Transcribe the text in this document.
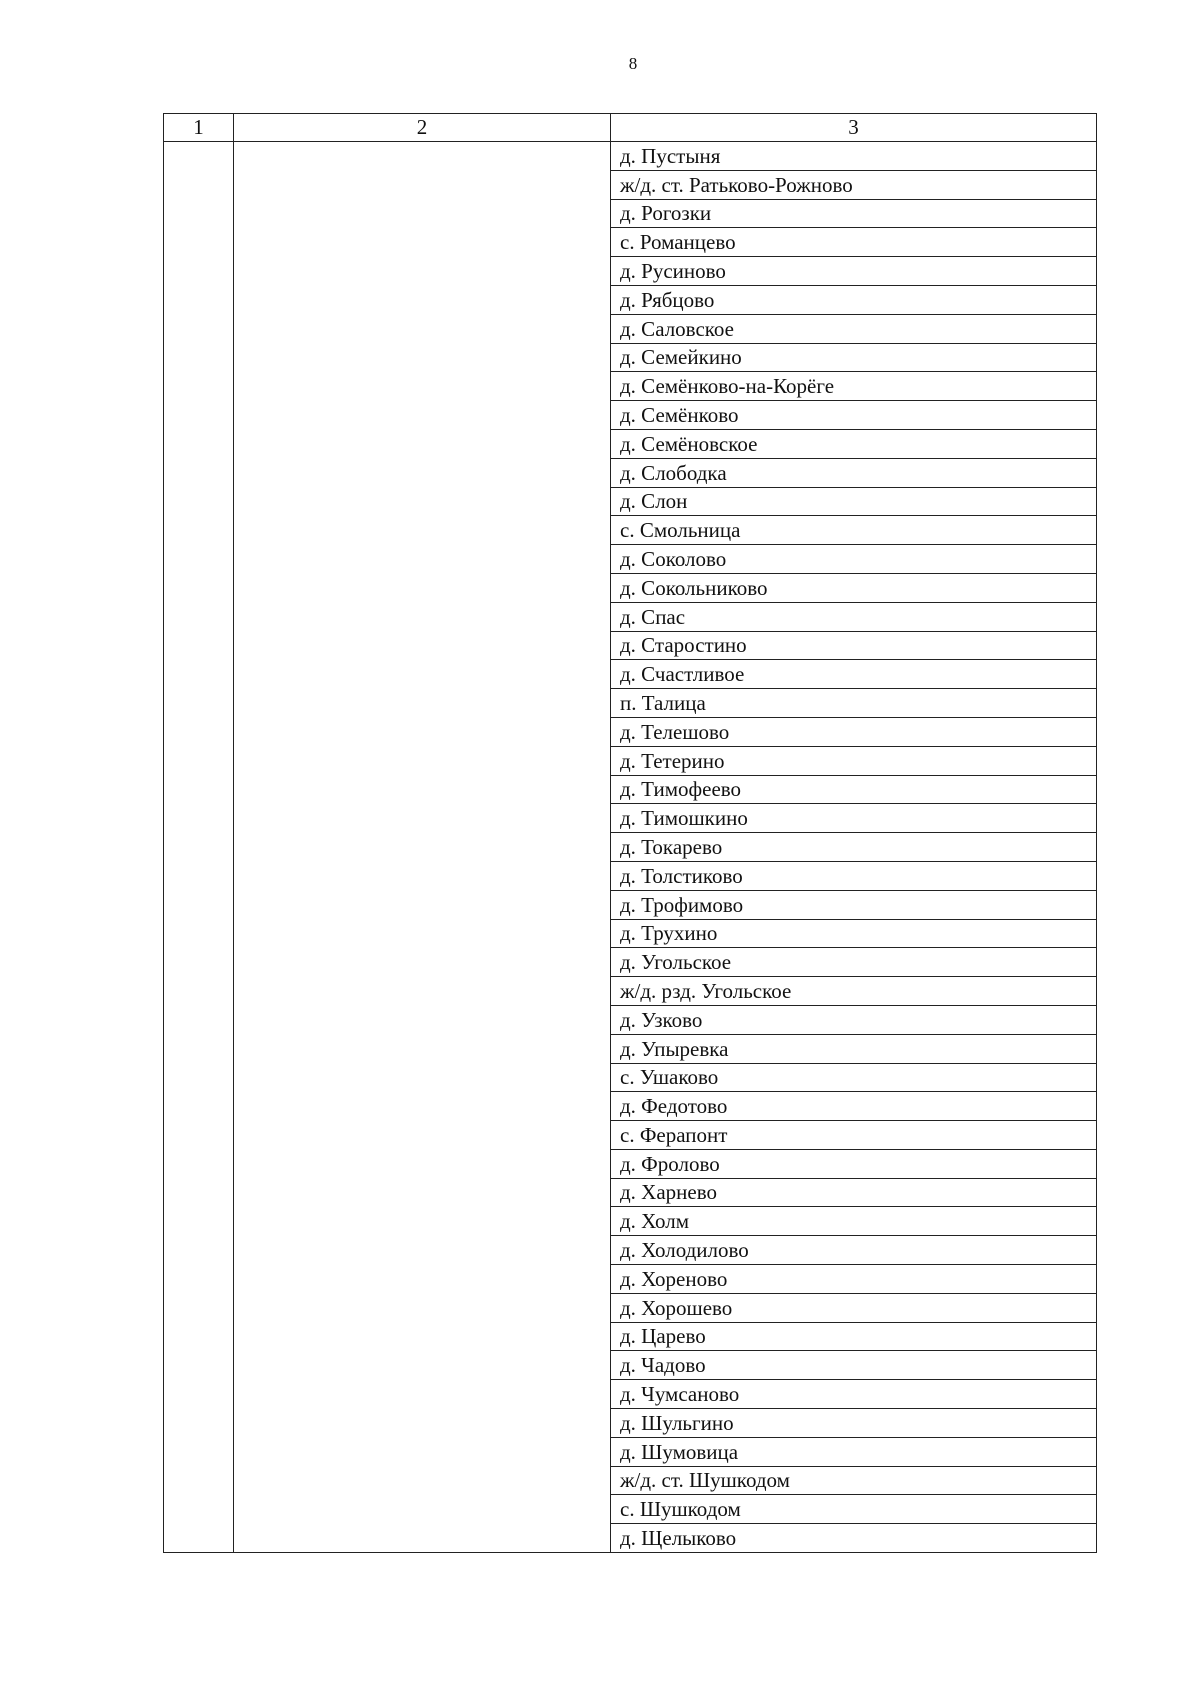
8
1	2	3
		д. Пустыня
		ж/д. ст. Ратьково-Рожново
		д. Рогозки
		с. Романцево
		д. Русиново
		д. Рябцово
		д. Саловское
		д. Семейкино
		д. Семёнково-на-Корёге
		д. Семёнково
		д. Семёновское
		д. Слободка
		д. Слон
		с. Смольница
		д. Соколово
		д. Сокольниково
		д. Спас
		д. Старостино
		д. Счастливое
		п. Талица
		д. Телешово
		д. Тетерино
		д. Тимофеево
		д. Тимошкино
		д. Токарево
		д. Толстиково
		д. Трофимово
		д. Трухино
		д. Угольское
		ж/д. рзд. Угольское
		д. Узково
		д. Упыревка
		с. Ушаково
		д. Федотово
		с. Ферапонт
		д. Фролово
		д. Харнево
		д. Холм
		д. Холодилово
		д. Хореново
		д. Хорошево
		д. Царево
		д. Чадово
		д. Чумсаново
		д. Шульгино
		д. Шумовица
		ж/д. ст. Шушкодом
		с. Шушкодом
		д. Щелыково
